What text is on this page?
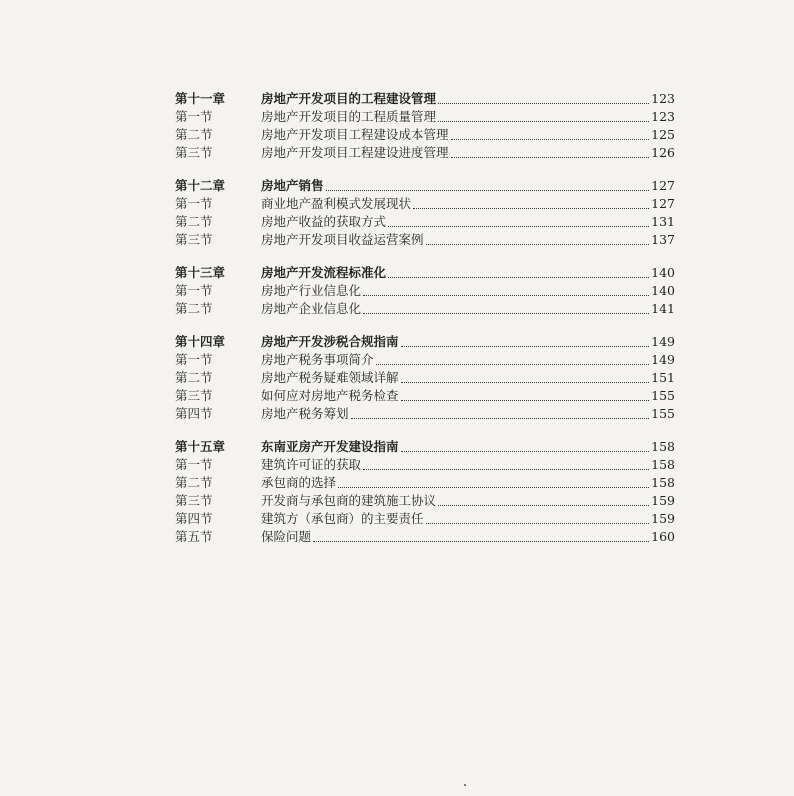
第十一章	房地产开发项目的工程建设管理	123
第一节	房地产开发项目的工程质量管理	123
第二节	房地产开发项目工程建设成本管理	125
第三节	房地产开发项目工程建设进度管理	126
第十二章	房地产销售	127
第一节	商业地产盈利模式发展现状	127
第二节	房地产收益的获取方式	131
第三节	房地产开发项目收益运营案例	137
第十三章	房地产开发流程标准化	140
第一节	房地产行业信息化	140
第二节	房地产企业信息化	141
第十四章	房地产开发涉税合规指南	149
第一节	房地产税务事项简介	149
第二节	房地产税务疑难领域详解	151
第三节	如何应对房地产税务检查	155
第四节	房地产税务筹划	155
第十五章	东南亚房产开发建设指南	158
第一节	建筑许可证的获取	158
第二节	承包商的选择	158
第三节	开发商与承包商的建筑施工协议	159
第四节	建筑方（承包商）的主要责任	159
第五节	保险问题	160
